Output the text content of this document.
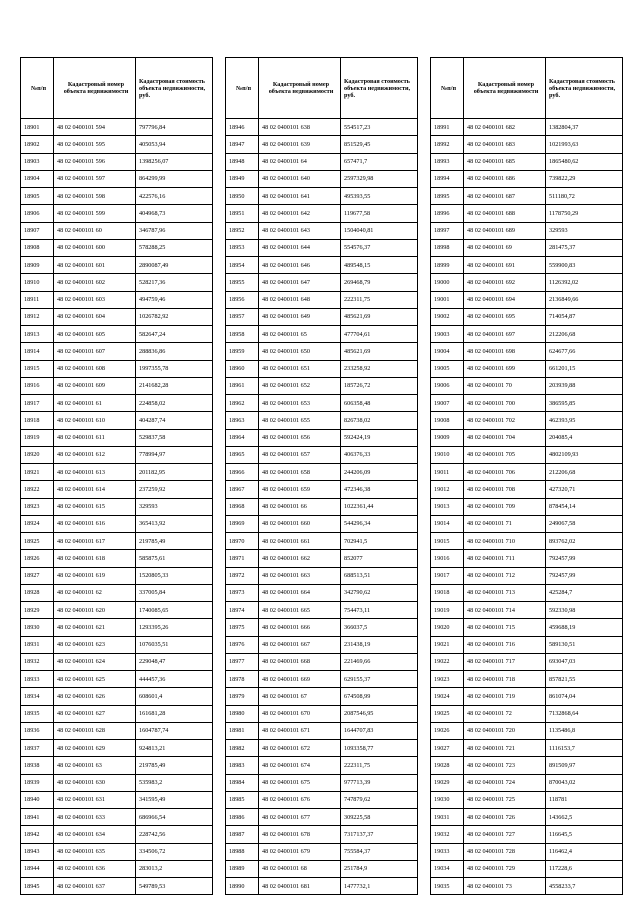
№п/п	Кадастровый номер объекта недвижимости	Кадастровая стоимость объекта недвижимости, руб.
18901	48 02 0400101 594	797796,84
18902	48 02 0400101 595	405053,94
18903	48 02 0400101 596	1398256,07
18904	48 02 0400101 597	864299,99
18905	48 02 0400101 598	422576,16
18906	48 02 0400101 599	404968,73
18907	48 02 0400101 60	346787,96
18908	48 02 0400101 600	578288,25
18909	48 02 0400101 601	2890087,49
18910	48 02 0400101 602	528217,36
18911	48 02 0400101 603	494759,46
18912	48 02 0400101 604	1026782,92
18913	48 02 0400101 605	582647,24
18914	48 02 0400101 607	288836,86
18915	48 02 0400101 608	1997355,78
18916	48 02 0400101 609	2141682,28
18917	48 02 0400101 61	224858,02
18918	48 02 0400101 610	404287,74
18919	48 02 0400101 611	529837,58
18920	48 02 0400101 612	778994,97
18921	48 02 0400101 613	201182,95
18922	48 02 0400101 614	237259,92
18923	48 02 0400101 615	329593
18924	48 02 0400101 616	365413,92
18925	48 02 0400101 617	219785,49
18926	48 02 0400101 618	585875,61
18927	48 02 0400101 619	1520805,33
18928	48 02 0400101 62	337005,84
18929	48 02 0400101 620	1740085,65
18930	48 02 0400101 621	1293395,26
18931	48 02 0400101 623	1076035,51
18932	48 02 0400101 624	229048,47
18933	48 02 0400101 625	444457,36
18934	48 02 0400101 626	608601,4
18935	48 02 0400101 627	161681,28
18936	48 02 0400101 628	1604787,74
18937	48 02 0400101 629	924813,21
18938	48 02 0400101 63	219785,49
18939	48 02 0400101 630	535983,2
18940	48 02 0400101 631	341595,49
18941	48 02 0400101 633	686966,54
18942	48 02 0400101 634	228742,56
18943	48 02 0400101 635	334506,72
18944	48 02 0400101 636	283013,2
18945	48 02 0400101 637	549789,53
№п/п	Кадастровый номер объекта недвижимости	Кадастровая стоимость объекта недвижимости, руб.
18946	48 02 0400101 638	554517,23
18947	48 02 0400101 639	851529,45
18948	48 02 0400101 64	657471,7
18949	48 02 0400101 640	2597329,98
18950	48 02 0400101 641	495393,55
18951	48 02 0400101 642	119677,58
18952	48 02 0400101 643	1504040,81
18953	48 02 0400101 644	554576,37
18954	48 02 0400101 646	489548,15
18955	48 02 0400101 647	269468,79
18956	48 02 0400101 648	222311,75
18957	48 02 0400101 649	485621,69
18958	48 02 0400101 65	477704,61
18959	48 02 0400101 650	485621,69
18960	48 02 0400101 651	233258,92
18961	48 02 0400101 652	185726,72
18962	48 02 0400101 653	606358,48
18963	48 02 0400101 655	826738,02
18964	48 02 0400101 656	592424,19
18965	48 02 0400101 657	406376,33
18966	48 02 0400101 658	244206,09
18967	48 02 0400101 659	472346,38
18968	48 02 0400101 66	1022361,44
18969	48 02 0400101 660	544296,34
18970	48 02 0400101 661	702941,5
18971	48 02 0400101 662	852077
18972	48 02 0400101 663	688513,51
18973	48 02 0400101 664	342790,62
18974	48 02 0400101 665	754473,11
18975	48 02 0400101 666	366037,5
18976	48 02 0400101 667	231438,19
18977	48 02 0400101 668	221469,66
18978	48 02 0400101 669	629155,37
18979	48 02 0400101 67	674508,99
18980	48 02 0400101 670	2087546,95
18981	48 02 0400101 671	1644707,83
18982	48 02 0400101 672	1093358,77
18983	48 02 0400101 674	222311,75
18984	48 02 0400101 675	977713,39
18985	48 02 0400101 676	747879,62
18986	48 02 0400101 677	309225,58
18987	48 02 0400101 678	7317137,37
18988	48 02 0400101 679	755584,37
18989	48 02 0400101 68	251784,9
18990	48 02 0400101 681	1477732,1
№п/п	Кадастровый номер объекта недвижимости	Кадастровая стоимость объекта недвижимости, руб.
18991	48 02 0400101 682	1382804,37
18992	48 02 0400101 683	1021993,63
18993	48 02 0400101 685	1865480,62
18994	48 02 0400101 686	739822,29
18995	48 02 0400101 687	511180,72
18996	48 02 0400101 688	1178750,29
18997	48 02 0400101 689	329593
18998	48 02 0400101 69	281475,37
18999	48 02 0400101 691	559900,83
19000	48 02 0400101 692	1126392,02
19001	48 02 0400101 694	2136849,66
19002	48 02 0400101 695	714054,87
19003	48 02 0400101 697	212206,68
19004	48 02 0400101 698	624677,66
19005	48 02 0400101 699	661201,15
19006	48 02 0400101 70	203939,88
19007	48 02 0400101 700	386595,85
19008	48 02 0400101 702	462393,95
19009	48 02 0400101 704	204085,4
19010	48 02 0400101 705	4802109,93
19011	48 02 0400101 706	212206,68
19012	48 02 0400101 708	427320,71
19013	48 02 0400101 709	878454,14
19014	48 02 0400101 71	249067,58
19015	48 02 0400101 710	893762,02
19016	48 02 0400101 711	792457,99
19017	48 02 0400101 712	792457,99
19018	48 02 0400101 713	425284,7
19019	48 02 0400101 714	592330,98
19020	48 02 0400101 715	459688,19
19021	48 02 0400101 716	589130,51
19022	48 02 0400101 717	693047,03
19023	48 02 0400101 718	857821,55
19024	48 02 0400101 719	861074,04
19025	48 02 0400101 72	7132868,64
19026	48 02 0400101 720	1135486,8
19027	48 02 0400101 721	1116153,7
19028	48 02 0400101 723	891509,97
19029	48 02 0400101 724	870043,02
19030	48 02 0400101 725	118781
19031	48 02 0400101 726	143662,5
19032	48 02 0400101 727	116645,5
19033	48 02 0400101 728	116462,4
19034	48 02 0400101 729	117228,6
19035	48 02 0400101 73	4558233,7
